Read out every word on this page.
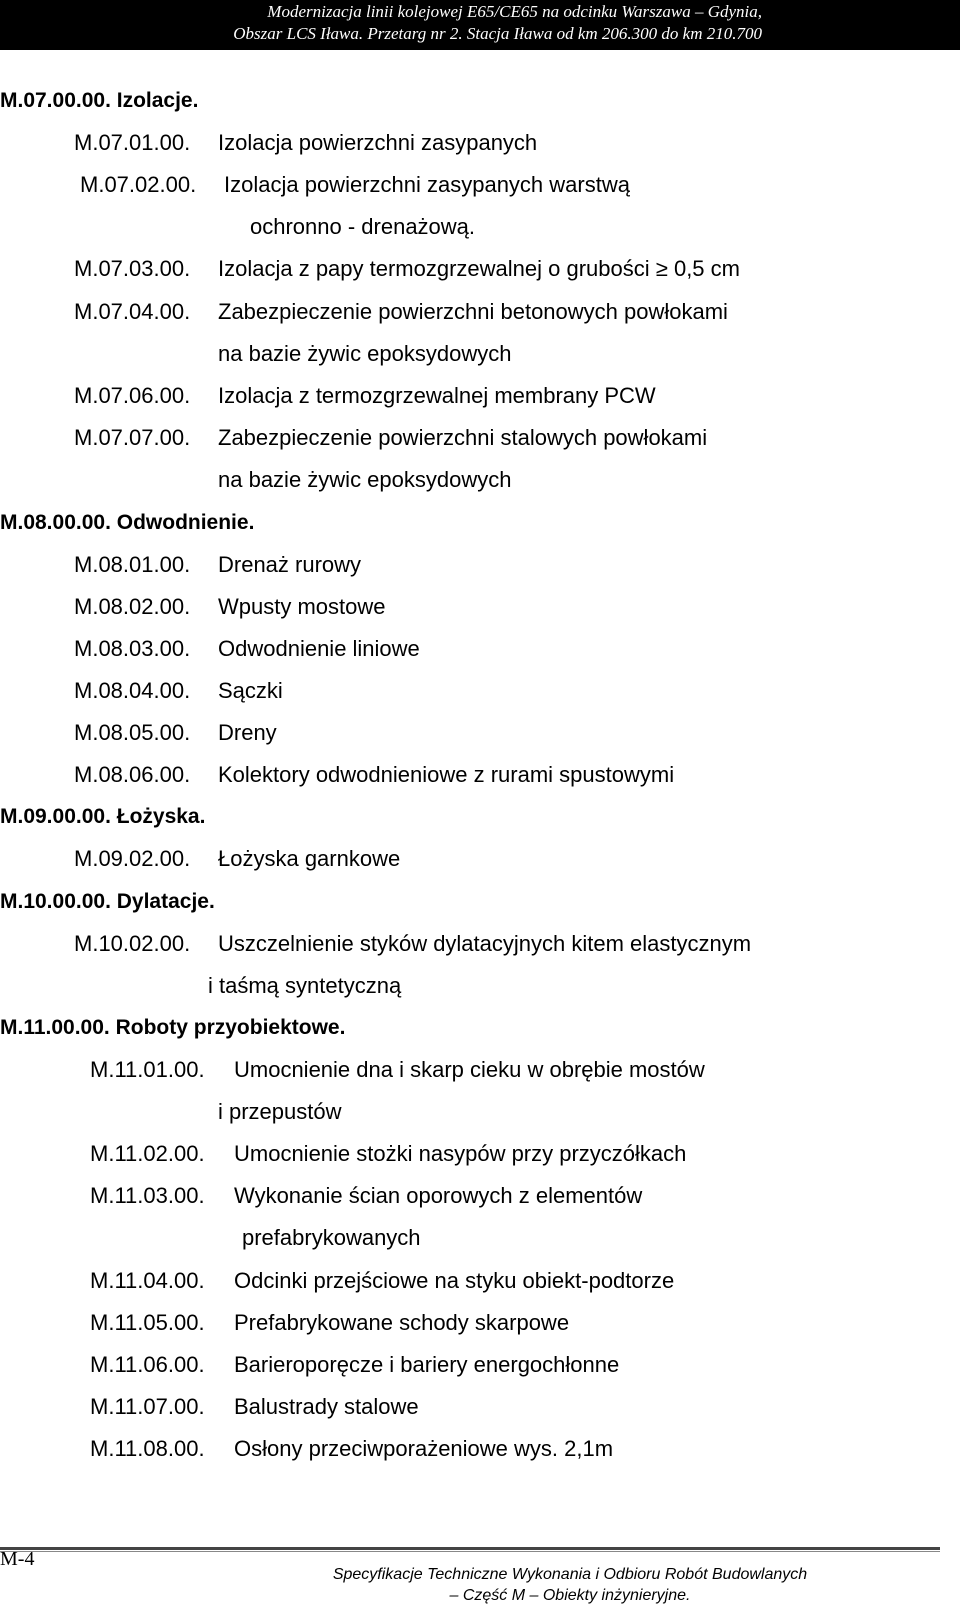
Modernizacja linii kolejowej E65/CE65 na odcinku Warszawa – Gdynia,
Obszar LCS Iława. Przetarg nr 2. Stacja Iława od km 206.300 do km 210.700
M.07.00.00. Izolacje.
M.07.01.00. Izolacja powierzchni zasypanych
M.07.02.00. Izolacja powierzchni zasypanych warstwą
ochronno - drenażową.
M.07.03.00. Izolacja z papy termozgrzewalnej o grubości ≥ 0,5 cm
M.07.04.00. Zabezpieczenie powierzchni betonowych powłokami
na bazie żywic epoksydowych
M.07.06.00. Izolacja z termozgrzewalnej membrany PCW
M.07.07.00. Zabezpieczenie powierzchni stalowych powłokami
na bazie żywic epoksydowych
M.08.00.00. Odwodnienie.
M.08.01.00. Drenaż rurowy
M.08.02.00. Wpusty mostowe
M.08.03.00. Odwodnienie liniowe
M.08.04.00. Sączki
M.08.05.00. Dreny
M.08.06.00. Kolektory odwodnieniowe z rurami spustowymi
M.09.00.00. Łożyska.
M.09.02.00. Łożyska garnkowe
M.10.00.00. Dylatacje.
M.10.02.00. Uszczelnienie styków dylatacyjnych kitem elastycznym
i taśmą syntetyczną
M.11.00.00. Roboty przyobiektowe.
M.11.01.00. Umocnienie dna i skarp cieku w obrębie mostów
i przepustów
M.11.02.00. Umocnienie stożki nasypów przy przyczółkach
M.11.03.00. Wykonanie ścian oporowych z elementów
prefabrykowanych
M.11.04.00. Odcinki przejściowe na styku obiekt-podtorze
M.11.05.00. Prefabrykowane schody skarpowe
M.11.06.00. Barieroporęcze i bariery energochłonne
M.11.07.00. Balustrady stalowe
M.11.08.00. Osłony przeciwporażeniowe wys. 2,1m
M-4
Specyfikacje Techniczne Wykonania i Odbioru Robót Budowlanych
– Część M – Obiekty inżynieryjne.
